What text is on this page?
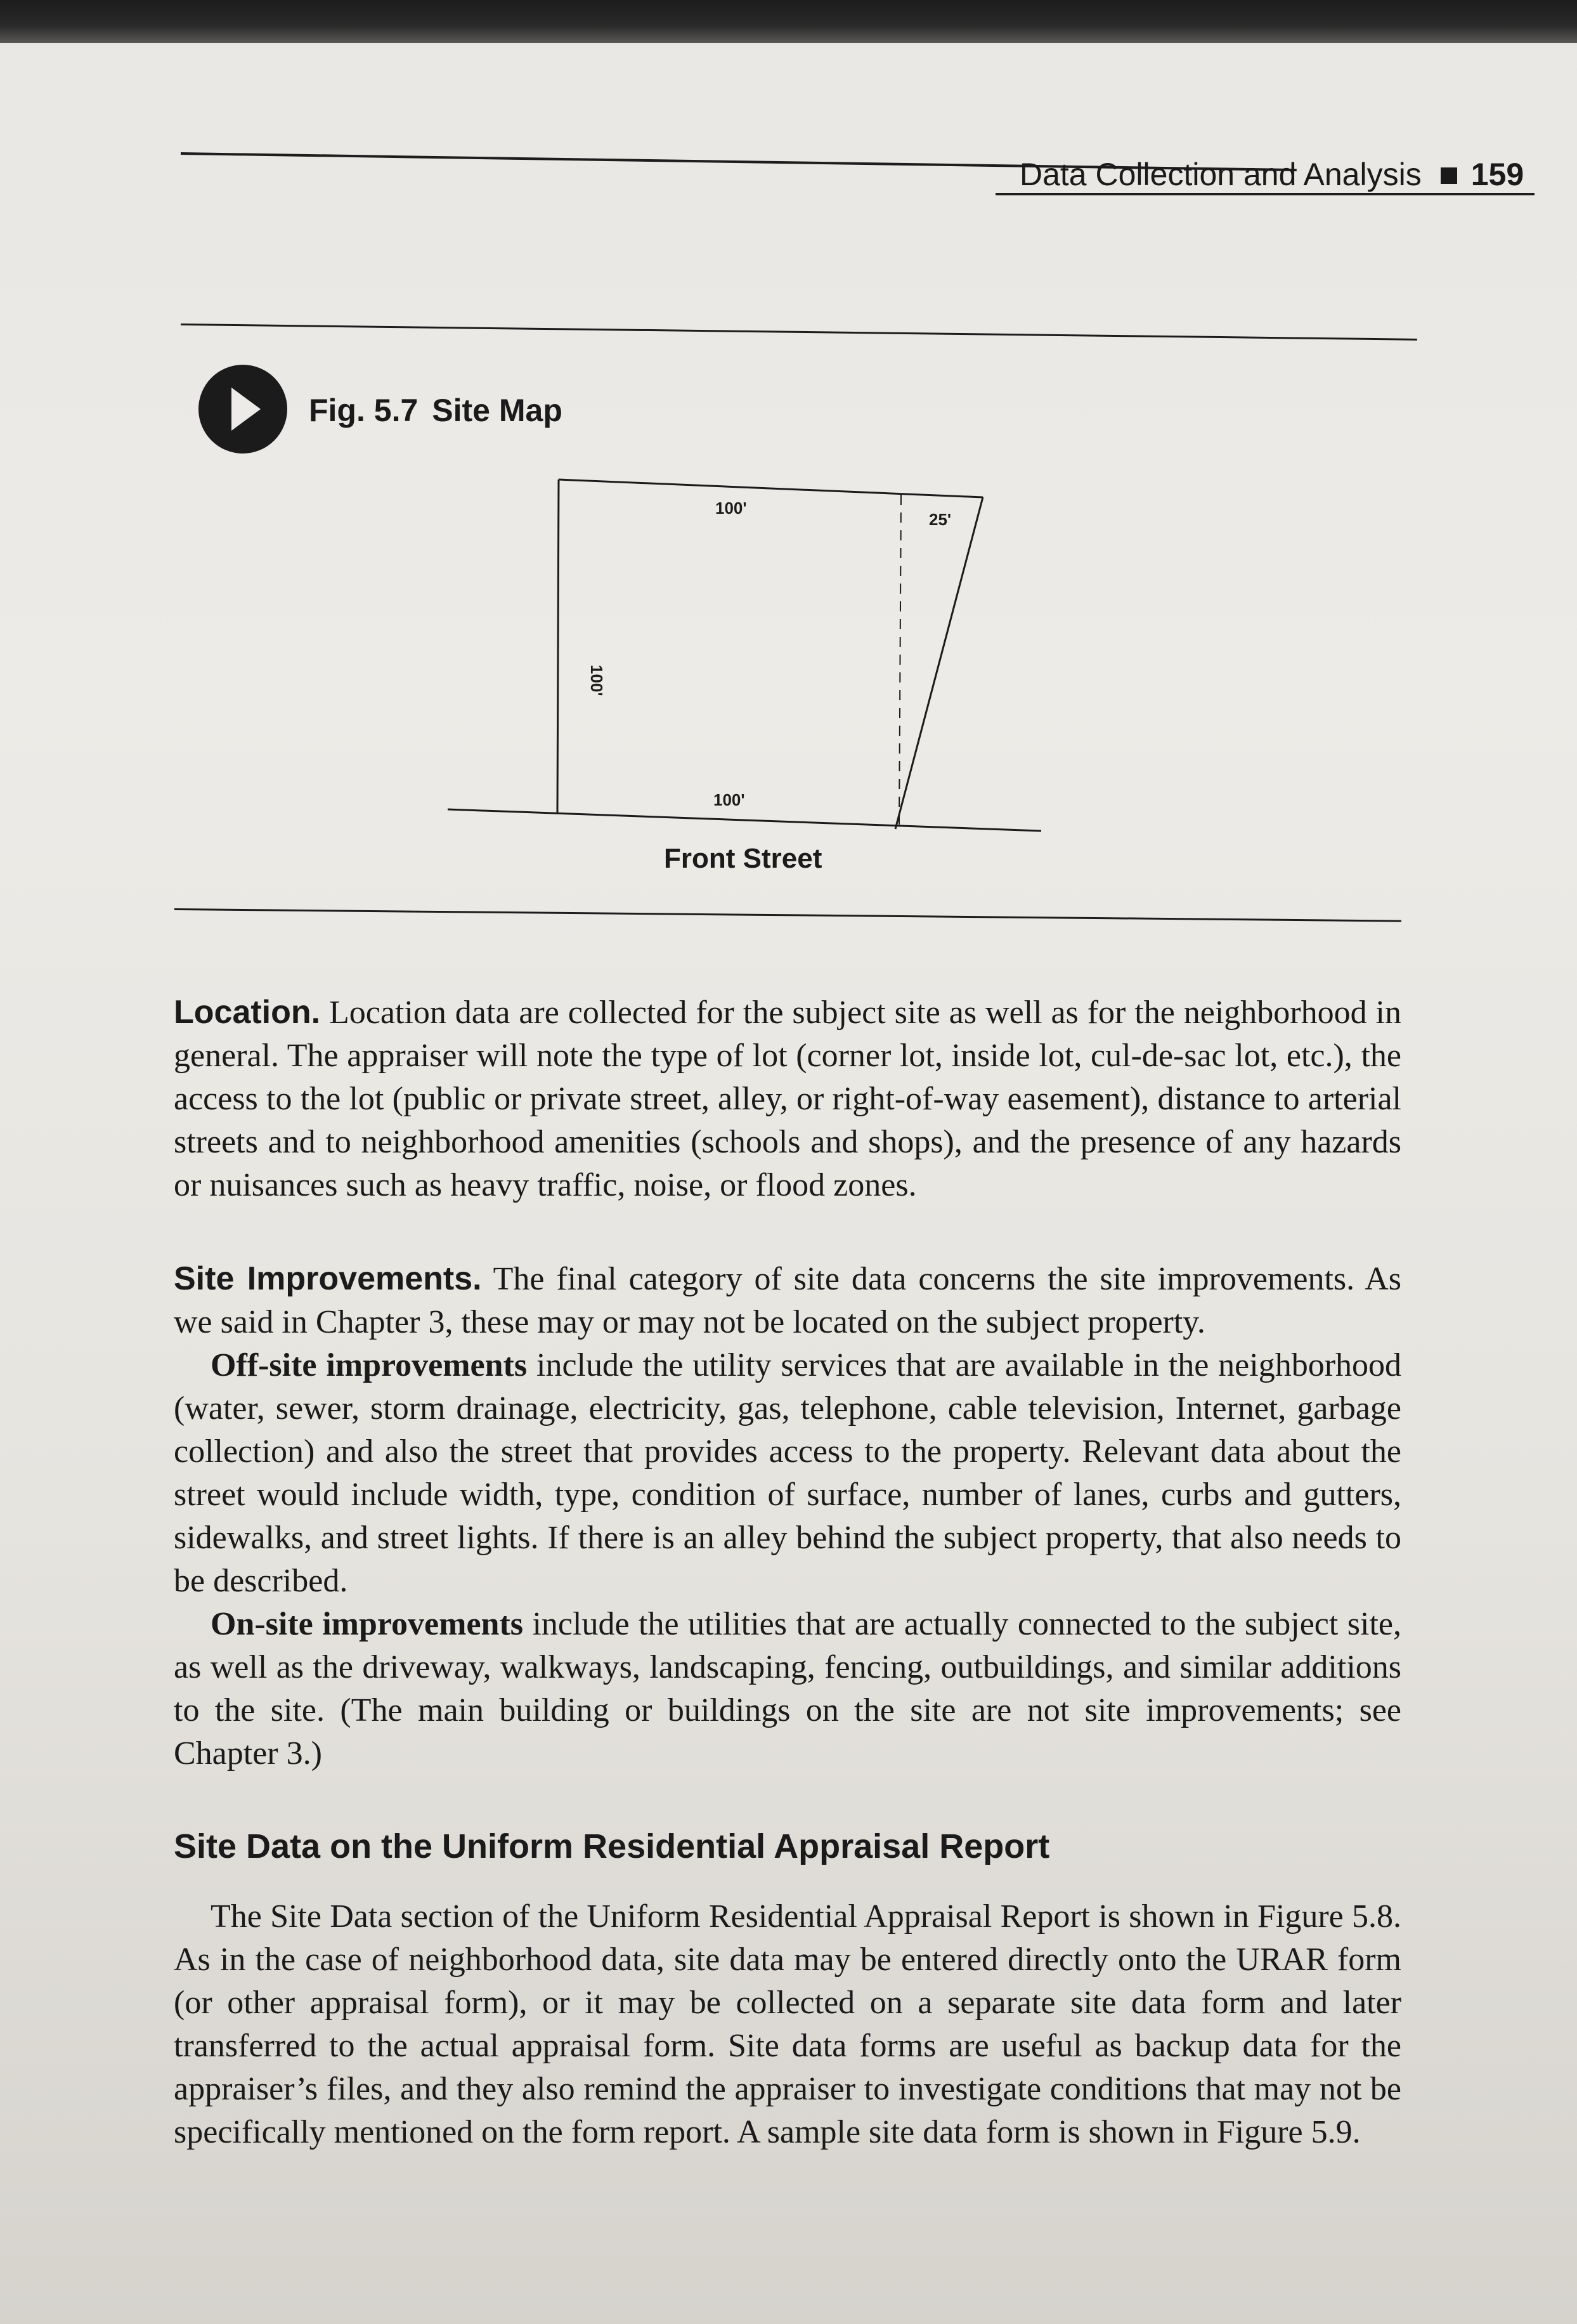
Data Collection and Analysis 159
Fig. 5.7 Site Map
100'
25'
100'
100'
Front Street

Location. Location data are collected for the subject site as well as for the neighborhood in general. The appraiser will note the type of lot (corner lot, inside lot, cul-de-sac lot, etc.), the access to the lot (public or private street, alley, or right-of-way easement), distance to arterial streets and to neighborhood amenities (schools and shops), and the presence of any hazards or nuisances such as heavy traffic, noise, or flood zones.

Site Improvements. The final category of site data concerns the site improvements. As we said in Chapter 3, these may or may not be located on the subject property.

Off-site improvements include the utility services that are available in the neighborhood (water, sewer, storm drainage, electricity, gas, telephone, cable television, Internet, garbage collection) and also the street that provides access to the property. Relevant data about the street would include width, type, condition of surface, number of lanes, curbs and gutters, sidewalks, and street lights. If there is an alley behind the subject property, that also needs to be described.

On-site improvements include the utilities that are actually connected to the subject site, as well as the driveway, walkways, landscaping, fencing, outbuildings, and similar additions to the site. (The main building or buildings on the site are not site improvements; see Chapter 3.)

Site Data on the Uniform Residential Appraisal Report

The Site Data section of the Uniform Residential Appraisal Report is shown in Figure 5.8. As in the case of neighborhood data, site data may be entered directly onto the URAR form (or other appraisal form), or it may be collected on a separate site data form and later transferred to the actual appraisal form. Site data forms are useful as backup data for the appraiser’s files, and they also remind the appraiser to investigate conditions that may not be specifically mentioned on the form report. A sample site data form is shown in Figure 5.9.
